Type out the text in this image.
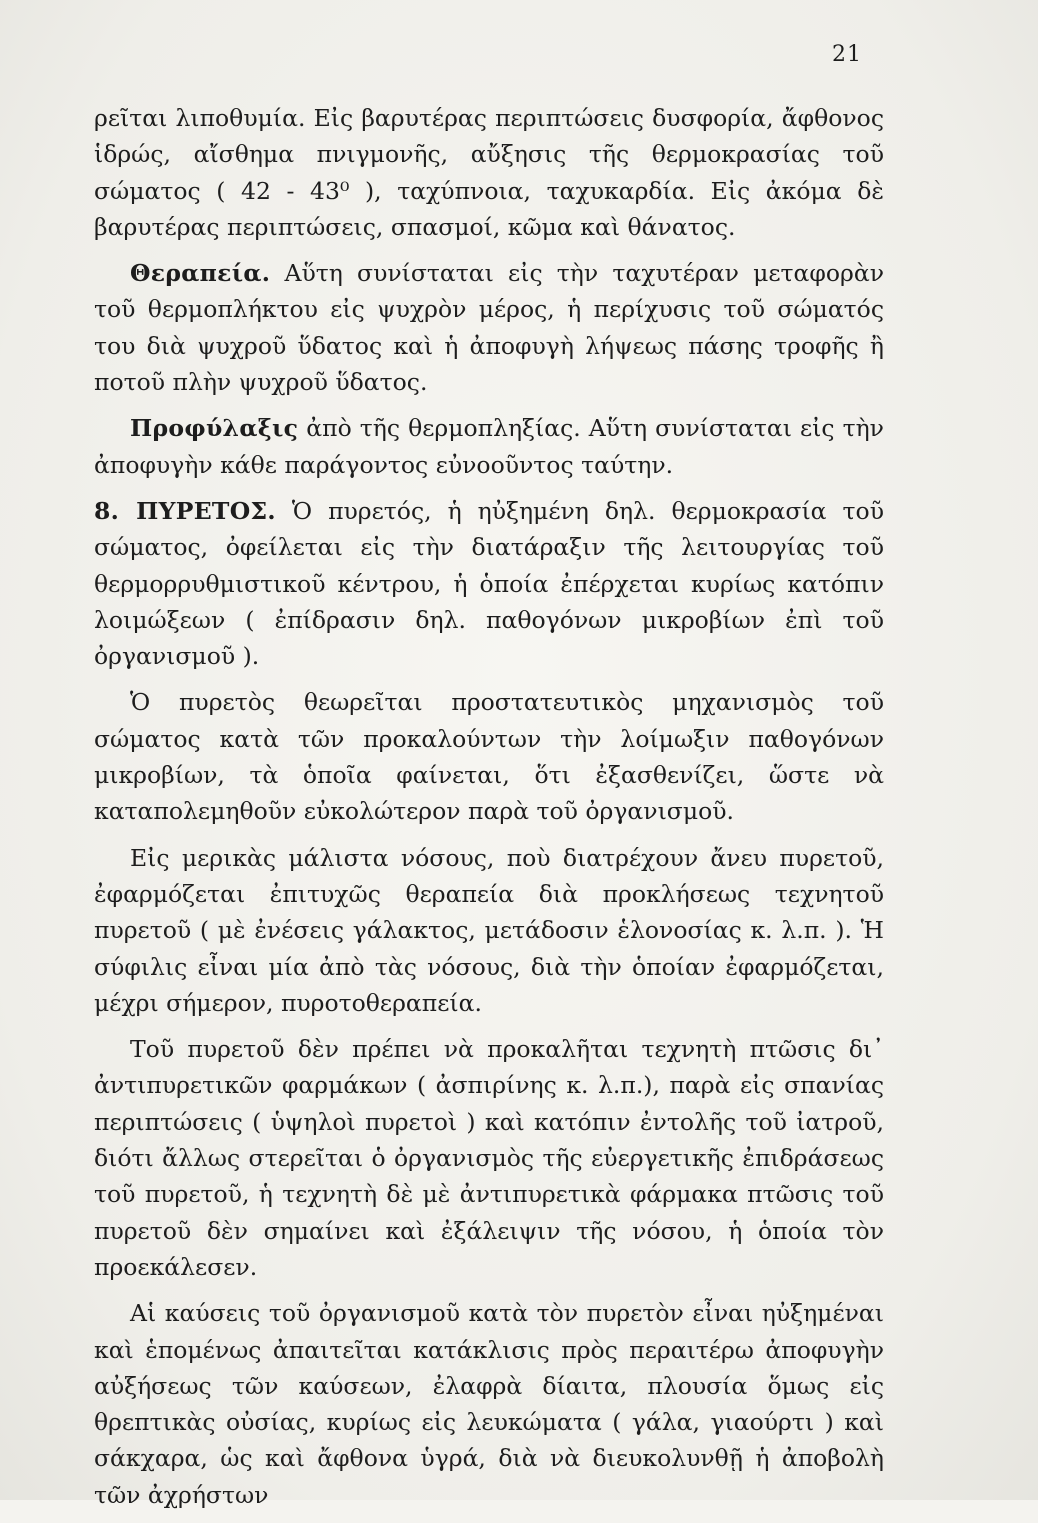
21

ρεῖται λιποθυμία. Εἰς βαρυτέρας περιπτώσεις δυσφορία, ἄφθονος ἱδρώς, αἴσθημα πνιγμονῆς, αὔξησις τῆς θερμοκρασίας τοῦ σώματος ( 42 - 43⁰ ), ταχύπνοια, ταχυκαρδία. Εἰς ἀκόμα δὲ βαρυτέρας περιπτώσεις, σπασμοί, κῶμα καὶ θάνατος.

Θεραπεία. Αὕτη συνίσταται εἰς τὴν ταχυτέραν μεταφορὰν τοῦ θερμοπλήκτου εἰς ψυχρὸν μέρος, ἡ περίχυσις τοῦ σώματός του διὰ ψυχροῦ ὕδατος καὶ ἡ ἀποφυγὴ λήψεως πάσης τροφῆς ἢ ποτοῦ πλὴν ψυχροῦ ὕδατος.

Προφύλαξις ἀπὸ τῆς θερμοπληξίας. Αὕτη συνίσταται εἰς τὴν ἀποφυγὴν κάθε παράγοντος εὐνοοῦντος ταύτην.

8. ΠΥΡΕΤΟΣ. Ὁ πυρετός, ἡ ηὐξημένη δηλ. θερμοκρασία τοῦ σώματος, ὀφείλεται εἰς τὴν διατάραξιν τῆς λειτουργίας τοῦ θερμορρυθμιστικοῦ κέντρου, ἡ ὁποία ἐπέρχεται κυρίως κατόπιν λοιμώξεων ( ἐπίδρασιν δηλ. παθογόνων μικροβίων ἐπὶ τοῦ ὀργανισμοῦ ).

Ὁ πυρετὸς θεωρεῖται προστατευτικὸς μηχανισμὸς τοῦ σώματος κατὰ τῶν προκαλούντων τὴν λοίμωξιν παθογόνων μικροβίων, τὰ ὁποῖα φαίνεται, ὅτι ἐξασθενίζει, ὥστε νὰ καταπολεμηθοῦν εὐκολώτερον παρὰ τοῦ ὀργανισμοῦ.

Εἰς μερικὰς μάλιστα νόσους, ποὺ διατρέχουν ἄνευ πυρετοῦ, ἐφαρμόζεται ἐπιτυχῶς θεραπεία διὰ προκλήσεως τεχνητοῦ πυρετοῦ ( μὲ ἐνέσεις γάλακτος, μετάδοσιν ἑλονοσίας κ. λ.π. ). Ἡ σύφιλις εἶναι μία ἀπὸ τὰς νόσους, διὰ τὴν ὁποίαν ἐφαρμόζεται, μέχρι σήμερον, πυροτοθεραπεία.

Τοῦ πυρετοῦ δὲν πρέπει νὰ προκαλῆται τεχνητὴ πτῶσις δι᾽ ἀντιπυρετικῶν φαρμάκων ( ἀσπιρίνης κ. λ.π.), παρὰ εἰς σπανίας περιπτώσεις ( ὑψηλοὶ πυρετοὶ ) καὶ κατόπιν ἐντολῆς τοῦ ἰατροῦ, διότι ἄλλως στερεῖται ὁ ὀργανισμὸς τῆς εὐεργετικῆς ἐπιδράσεως τοῦ πυρετοῦ, ἡ τεχνητὴ δὲ μὲ ἀντιπυρετικὰ φάρμακα πτῶσις τοῦ πυρετοῦ δὲν σημαίνει καὶ ἐξάλειψιν τῆς νόσου, ἡ ὁποία τὸν προεκάλεσεν.

Αἱ καύσεις τοῦ ὀργανισμοῦ κατὰ τὸν πυρετὸν εἶναι ηὐξημέναι καὶ ἑπομένως ἀπαιτεῖται κατάκλισις πρὸς περαιτέρω ἀποφυγὴν αὐξήσεως τῶν καύσεων, ἐλαφρὰ δίαιτα, πλουσία ὅμως εἰς θρεπτικὰς οὐσίας, κυρίως εἰς λευκώματα ( γάλα, γιαούρτι ) καὶ σάκχαρα, ὡς καὶ ἄφθονα ὑγρά, διὰ νὰ διευκολυνθῇ ἡ ἀποβολὴ τῶν ἀχρήστων
